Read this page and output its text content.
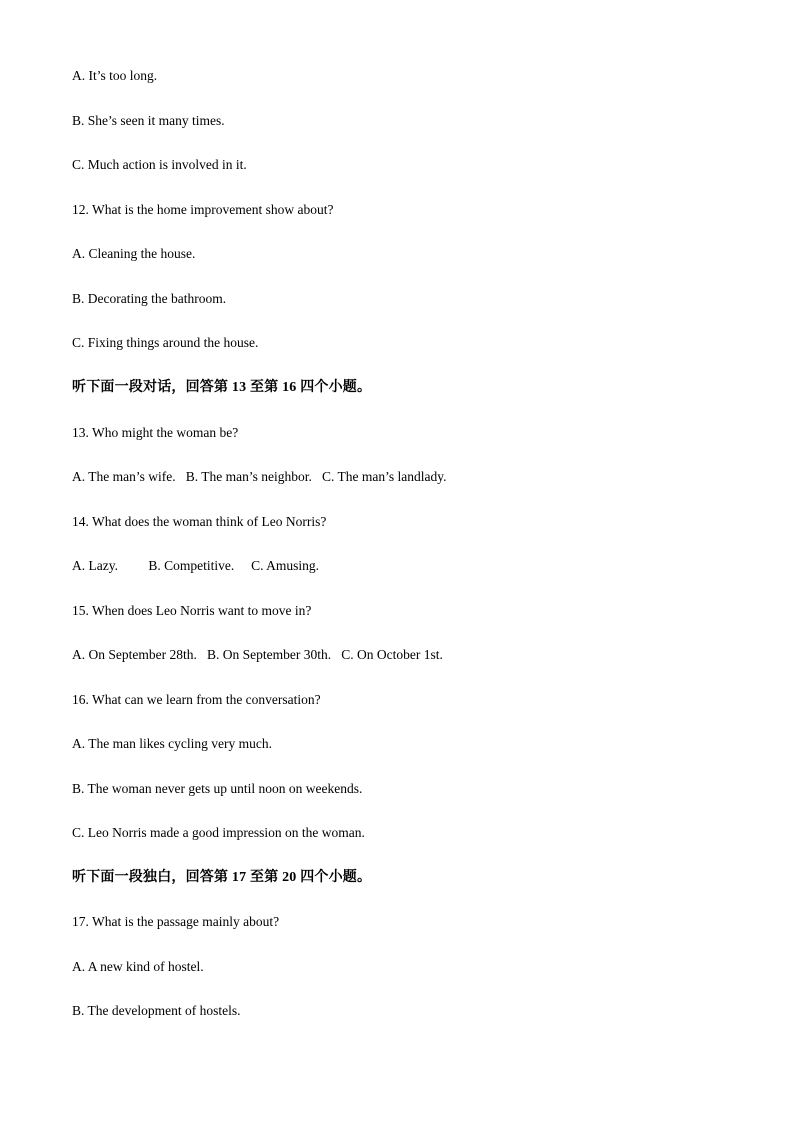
A. It’s too long.
B. She’s seen it many times.
C. Much action is involved in it.
12. What is the home improvement show about?
A. Cleaning the house.
B. Decorating the bathroom.
C. Fixing things around the house.
听下面一段对话，回答第 13 至第 16 四个小题。
13. Who might the woman be?
A. The man’s wife.   B. The man’s neighbor.   C. The man’s landlady.
14. What does the woman think of Leo Norris?
A. Lazy.         B. Competitive.     C. Amusing.
15. When does Leo Norris want to move in?
A. On September 28th.   B. On September 30th.   C. On October 1st.
16. What can we learn from the conversation?
A. The man likes cycling very much.
B. The woman never gets up until noon on weekends.
C. Leo Norris made a good impression on the woman.
听下面一段独白，回答第 17 至第 20 四个小题。
17. What is the passage mainly about?
A. A new kind of hostel.
B. The development of hostels.
